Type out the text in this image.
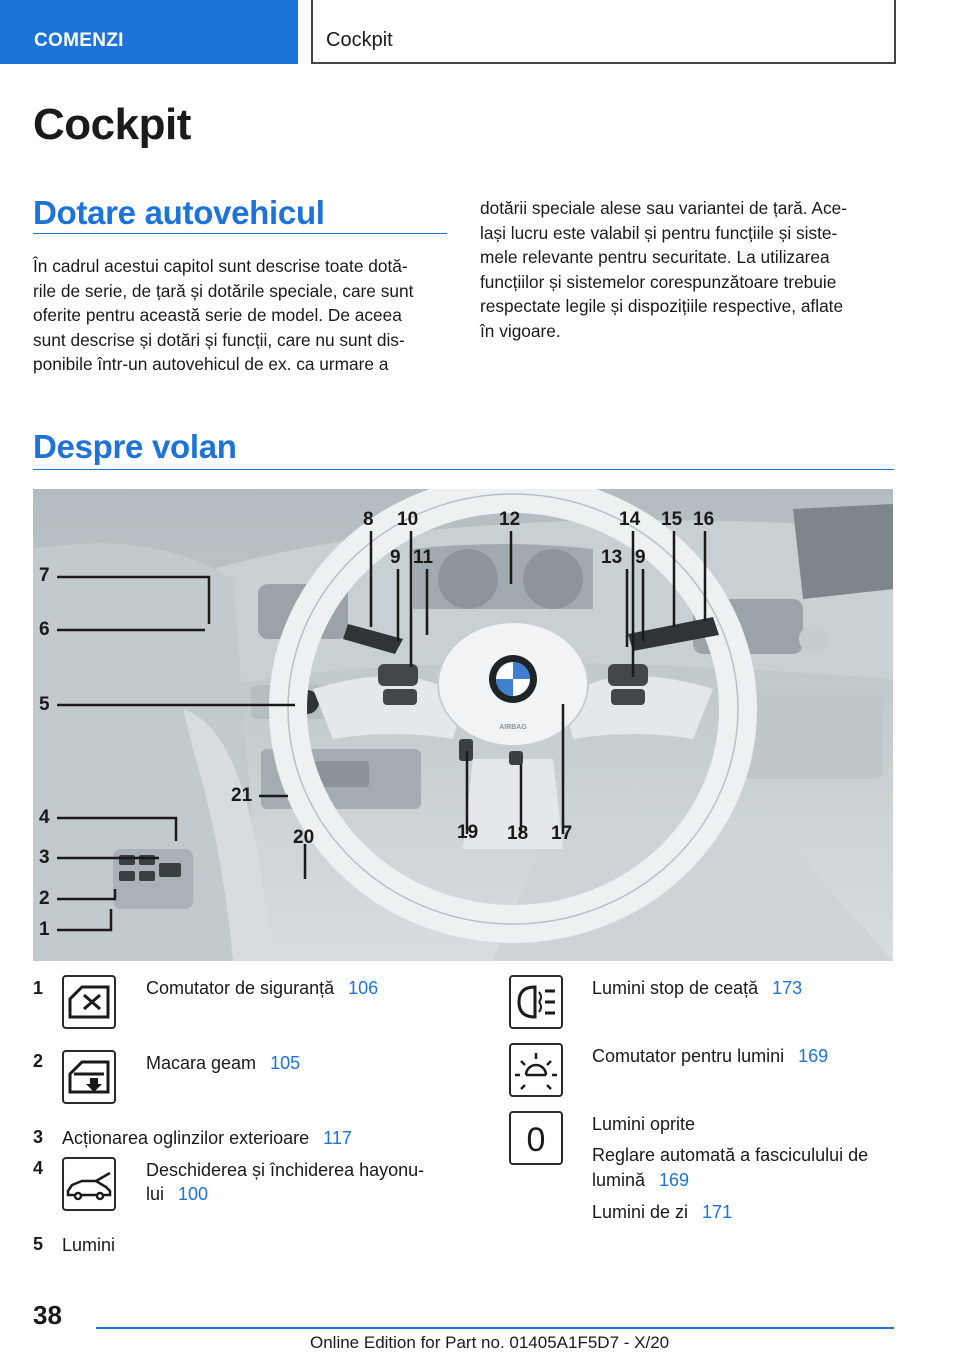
COMENZI	Cockpit
Cockpit
Dotare autovehicul
În cadrul acestui capitol sunt descrise toate dotă-
rile de serie, de țară și dotările speciale, care sunt
oferite pentru această serie de model. De aceea
sunt descrise și dotări și funcții, care nu sunt dis-
ponibile într-un autovehicul de ex. ca urmare a
dotării speciale alese sau variantei de țară. Ace-
lași lucru este valabil și pentru funcțiile și siste-
mele relevante pentru securitate. La utilizarea
funcțiilor și sistemelor corespunzătoare trebuie
respectate legile și dispozițiile respective, aflate
în vigoare.
Despre volan
AIRBAG
7
6
5
4
3
2
1
8 10
9 11
12	14 15 16
13 9
21
20	19 18 17
1	Comutator de siguranță 106
2	Macara geam 105
3 Acționarea oglinzilor exterioare 117
4	Deschiderea și închiderea hayonu-
lui 100
5 Lumini
Lumini stop de ceață 173
Comutator pentru lumini 169
0	Lumini oprite
Reglare automată a fasciculului de
lumină 169
Lumini de zi 171
38
Online Edition for Part no. 01405A1F5D7 - X/20
